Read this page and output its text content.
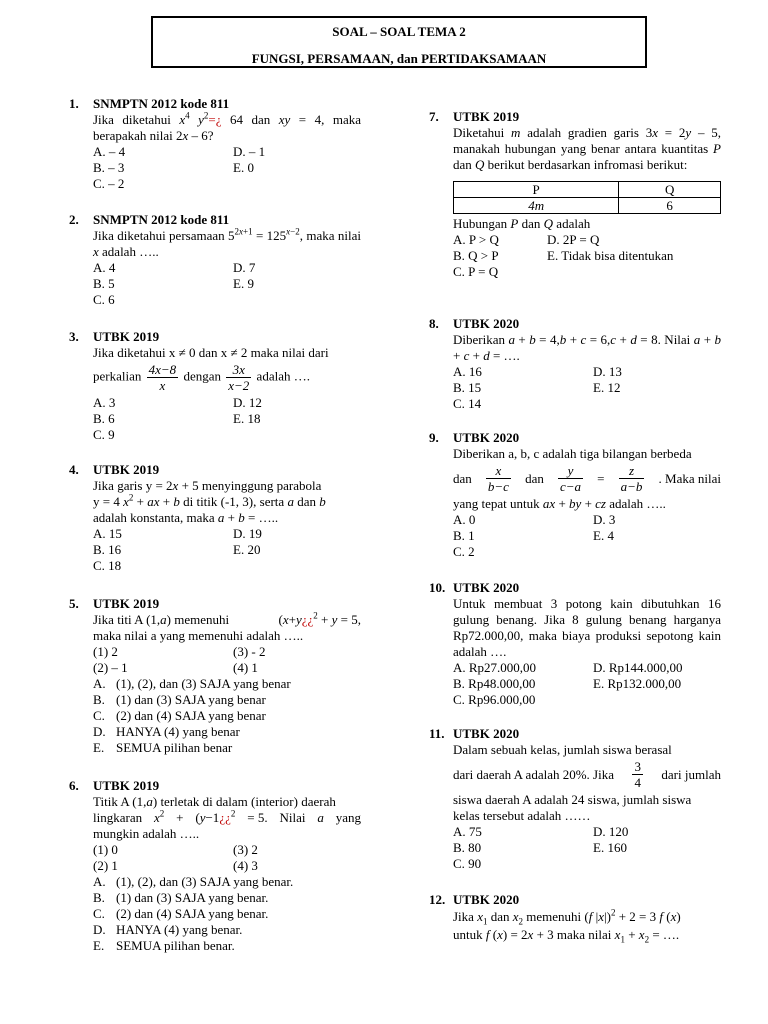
SOAL – SOAL TEMA 2
FUNGSI, PERSAMAAN, dan PERTIDAKSAMAAN
1. SNMPTN 2012 kode 811
Jika diketahui $x^4$ $y^2=¿$ 64 dan xy = 4, maka berapakah nilai 2x – 6?
A. – 4	D. – 1
B. – 3	E. 0
C. – 2
2. SNMPTN 2012 kode 811
Jika diketahui persamaan $5^{2x+1} = 125^{x-2}$, maka nilai x adalah …..
A. 4	D. 7
B. 5	E. 9
C. 6
3. UTBK 2019
Jika diketahui x ≠ 0 dan x ≠ 2 maka nilai dari
perkalian $\frac{4x-8}{x}$ dengan $\frac{3x}{x-2}$ adalah ….
A. 3	D. 12
B. 6	E. 18
C. 9
4. UTBK 2019
Jika garis y = 2x + 5 menyinggung parabola
y = 4 $x^2$ + ax + b di titik (-1, 3), serta a dan b
adalah konstanta, maka a + b = …..
A. 15	D. 19
B. 16	E. 20
C. 18
5. UTBK 2019
Jika titi A (1,a) memenuhi	(x+y¿¿$^2$ + y = 5,
maka nilai a yang memenuhi adalah …..
(1) 2	(3) - 2
(2) – 1	(4) 1
A. (1), (2), dan (3) SAJA yang benar
B. (1) dan (3) SAJA yang benar
C. (2) dan (4) SAJA yang benar
D. HANYA (4) yang benar
E. SEMUA pilihan benar
6. UTBK 2019
Titik A (1,a) terletak di dalam (interior) daerah
lingkaran $x^2$ + (y−1¿¿$^2$ = 5. Nilai a yang
mungkin adalah …..
(1) 0	(3) 2
(2) 1	(4) 3
A. (1), (2), dan (3) SAJA yang benar.
B. (1) dan (3) SAJA yang benar.
C. (2) dan (4) SAJA yang benar.
D. HANYA (4) yang benar.
E. SEMUA pilihan benar.
7. UTBK 2019
Diketahui m adalah gradien garis 3x = 2y – 5, manakah hubungan yang benar antara kuantitas P dan Q berikut berdasarkan infromasi berikut:
P	Q
4m	6
Hubungan P dan Q adalah
A. P > Q	D. 2P = Q
B. Q > P	E. Tidak bisa ditentukan
C. P = Q
8. UTBK 2020
Diberikan a + b = 4,b + c = 6,c + d = 8. Nilai a + b + c + d = ….
A. 16	D. 13
B. 15	E. 12
C. 14
9. UTBK 2020
Diberikan a, b, c adalah tiga bilangan berbeda
dan $\frac{x}{b-c}$ dan $\frac{y}{c-a} = \frac{z}{a-b}$ . Maka nilai
yang tepat untuk ax + by + cz adalah …..
A. 0	D. 3
B. 1	E. 4
C. 2
10. UTBK 2020
Untuk membuat 3 potong kain dibutuhkan 16 gulung benang. Jika 8 gulung benang harganya Rp72.000,00, maka biaya produksi sepotong kain adalah ….
A. Rp27.000,00	D. Rp144.000,00
B. Rp48.000,00	E. Rp132.000,00
C. Rp96.000,00
11. UTBK 2020
Dalam sebuah kelas, jumlah siswa berasal
dari daerah A adalah 20%. Jika $\frac{3}{4}$ dari jumlah
siswa daerah A adalah 24 siswa, jumlah siswa
kelas tersebut adalah ……
A. 75	D. 120
B. 80	E. 160
C. 90
12. UTBK 2020
Jika $x_1$ dan $x_2$ memenuhi (f |x|)$^2$ + 2 = 3 f (x)
untuk f (x) = 2x + 3 maka nilai $x_1 + x_2$ = ….
